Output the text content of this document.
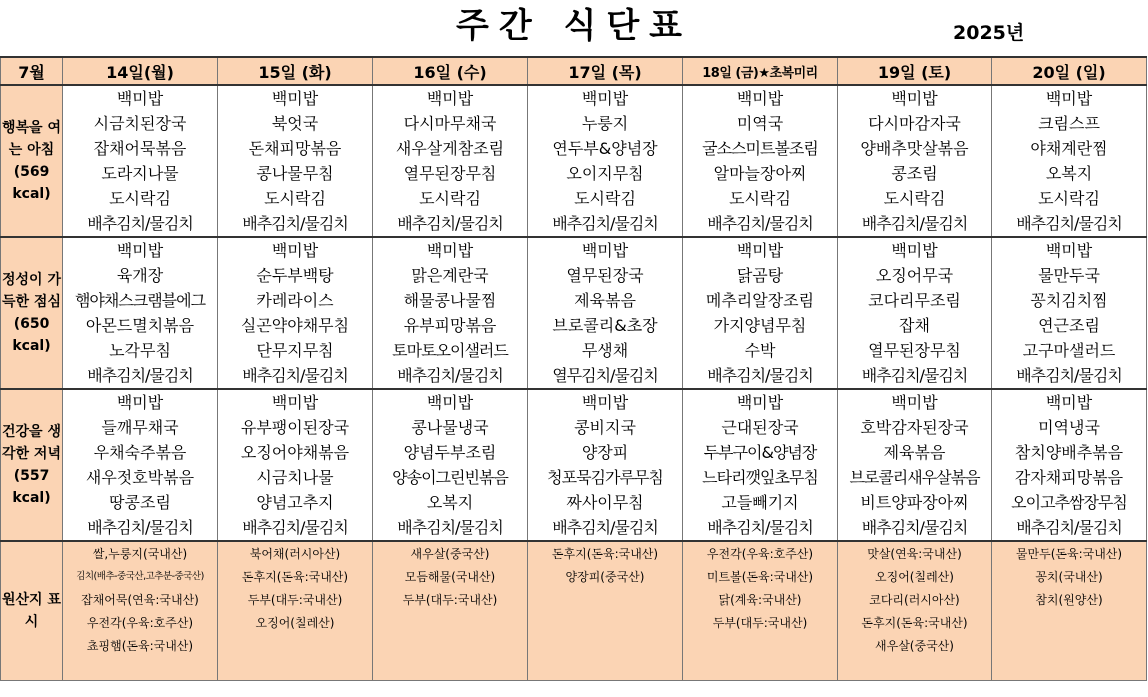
주간 식단표	2025년
7월	14일(월)	15일 (화)	16일 (수)	17일 (목)	18일 (금)★초복미리	19일 (토)	20일 (일)
행복을 여는 아침 (569 kcal)	백미밥	백미밥	백미밥	백미밥	백미밥	백미밥	백미밥
	시금치된장국	북엇국	다시마무채국	누룽지	미역국	다시마감자국	크림스프
	잡채어묵볶음	돈채피망볶음	새우살게참조림	연두부&양념장	굴소스미트볼조림	양배추맛살볶음	야채계란찜
	도라지나물	콩나물무침	열무된장무침	오이지무침	알마늘장아찌	콩조림	오복지
	도시락김	도시락김	도시락김	도시락김	도시락김	도시락김	도시락김
	배추김치/물김치	배추김치/물김치	배추김치/물김치	배추김치/물김치	배추김치/물김치	배추김치/물김치	배추김치/물김치
정성이 가득한 점심 (650 kcal)	백미밥	백미밥	백미밥	백미밥	백미밥	백미밥	백미밥
	육개장	순두부백탕	맑은계란국	열무된장국	닭곰탕	오징어무국	물만두국
	햄야채스크램블에그	카레라이스	해물콩나물찜	제육볶음	메추리알장조림	코다리무조림	꽁치김치찜
	아몬드멸치볶음	실곤약야채무침	유부피망볶음	브로콜리&초장	가지양념무침	잡채	연근조림
	노각무침	단무지무침	토마토오이샐러드	무생채	수박	열무된장무침	고구마샐러드
	배추김치/물김치	배추김치/물김치	배추김치/물김치	열무김치/물김치	배추김치/물김치	배추김치/물김치	배추김치/물김치
건강을 생각한 저녁 (557 kcal)	백미밥	백미밥	백미밥	백미밥	백미밥	백미밥	백미밥
	들깨무채국	유부팽이된장국	콩나물냉국	콩비지국	근대된장국	호박감자된장국	미역냉국
	우채숙주볶음	오징어야채볶음	양념두부조림	양장피	두부구이&양념장	제육볶음	참치양배추볶음
	새우젓호박볶음	시금치나물	양송이그린빈볶음	청포묵김가루무침	느타리깻잎초무침	브로콜리새우살볶음	감자채피망볶음
	땅콩조림	양념고추지	오복지	짜사이무침	고들빼기지	비트양파장아찌	오이고추쌈장무침
	배추김치/물김치	배추김치/물김치	배추김치/물김치	배추김치/물김치	배추김치/물김치	배추김치/물김치	배추김치/물김치
원산지 표시	쌀,누룽지(국내산)	북어채(러시아산)	새우살(중국산)	돈후지(돈육:국내산)	우전각(우육:호주산)	맛살(연육:국내산)	물만두(돈육:국내산)
	김치(배추-중국산,고추분-중국산)	돈후지(돈육:국내산)	모듬해물(국내산)	양장피(중국산)	미트볼(돈육:국내산)	오징어(칠레산)	꽁치(국내산)
	잡채어묵(연육:국내산)	두부(대두:국내산)	두부(대두:국내산)		닭(계육:국내산)	코다리(러시아산)	참치(원양산)
	우전각(우육:호주산)	오징어(칠레산)			두부(대두:국내산)	돈후지(돈육:국내산)	
	쵸핑햄(돈육:국내산)					새우살(중국산)	
